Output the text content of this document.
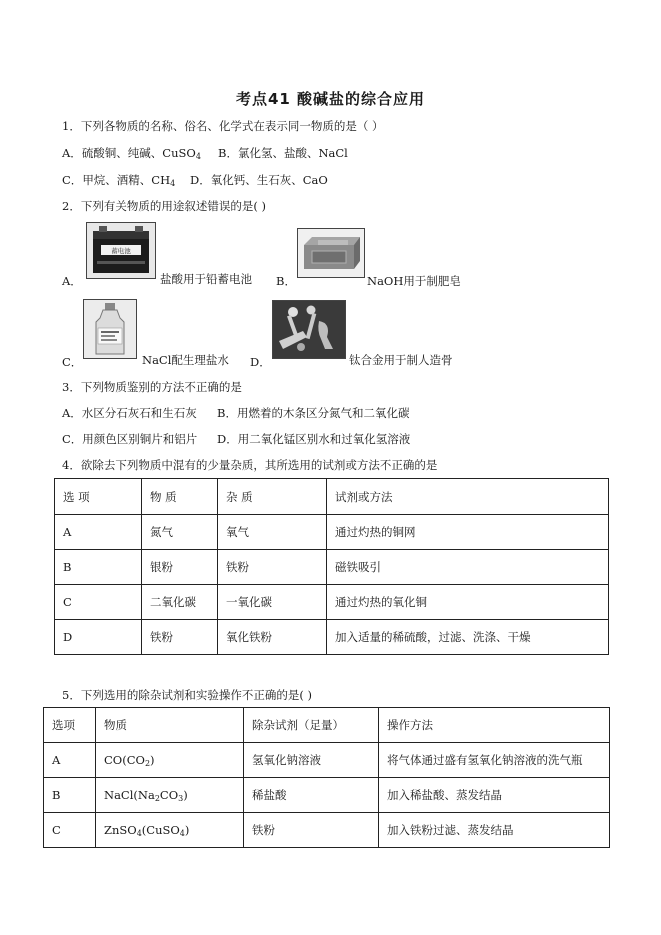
考点41 酸碱盐的综合应用
1．下列各物质的名称、俗名、化学式在表示同一物质的是（ ）
A．硫酸铜、纯碱、CuSO$_4$ B．氯化氢、盐酸、NaCl
C．甲烷、酒精、$CH_4$ D．氧化钙、生石灰、CaO
2．下列有关物质的用途叙述错误的是( )
A．
蓄电池
盐酸用于铅蓄电池 B．	NaOH用于制肥皂
C．	NaCl配生理盐水 D．	钛合金用于制人造骨
3．下列物质鉴别的方法不正确的是
A．水区分石灰石和生石灰 B．用燃着的木条区分氮气和二氧化碳
C．用颜色区别铜片和铝片 D．用二氧化锰区别水和过氧化氢溶液
4．欲除去下列物质中混有的少量杂质，其所选用的试剂或方法不正确的是
选 项	物 质	杂 质	试剂或方法
A	氮气	氧气	通过灼热的铜网
B	银粉	铁粉	磁铁吸引
C	二氧化碳	一氧化碳	通过灼热的氧化铜
D	铁粉	氧化铁粉	加入适量的稀硫酸，过滤、洗涤、干燥
5．下列选用的除杂试剂和实验操作不正确的是( )
选项	物质	除杂试剂（足量）	操作方法
A	$CO(CO_2)$	氢氧化钠溶液	将气体通过盛有氢氧化钠溶液的洗气瓶
B	$NaCl(Na_2CO_3)$	稀盐酸	加入稀盐酸、蒸发结晶
C	ZnSO$_4$(CuSO$_4$)	铁粉	加入铁粉过滤、蒸发结晶
